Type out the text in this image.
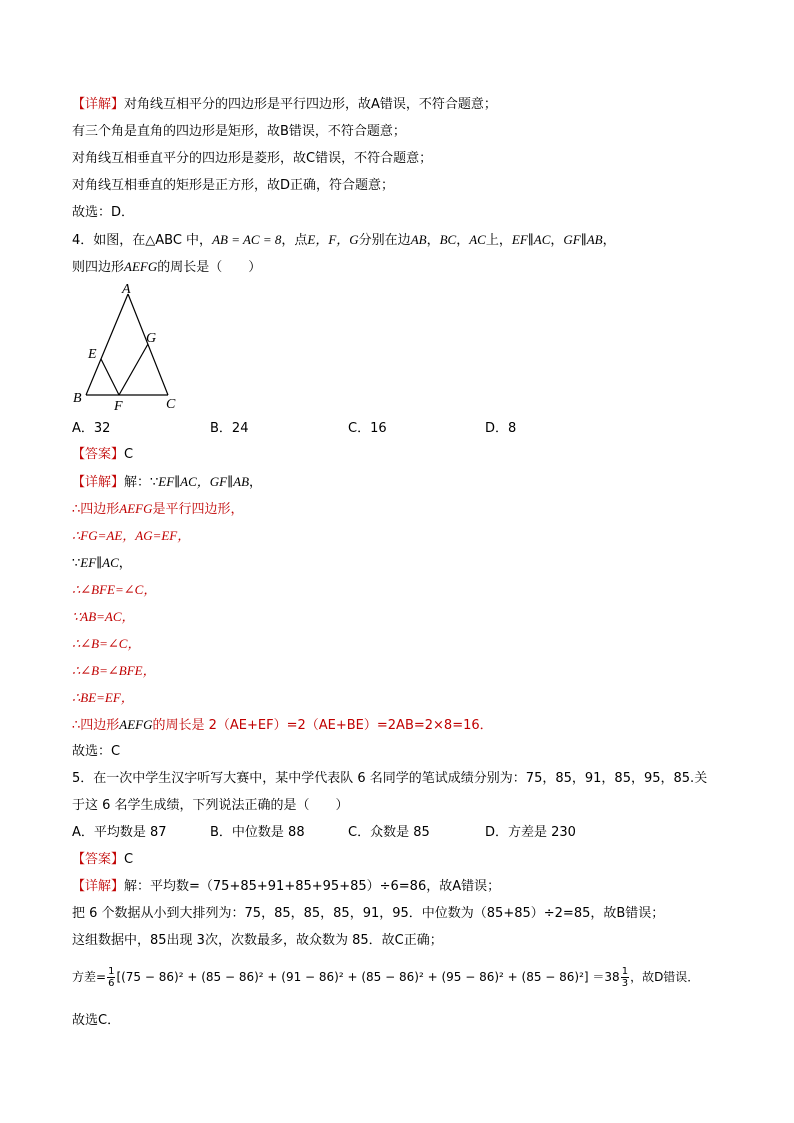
【详解】对角线互相平分的四边形是平行四边形，故A错误，不符合题意；
有三个角是直角的四边形是矩形，故B错误，不符合题意；
对角线互相垂直平分的四边形是菱形，故C错误，不符合题意；
对角线互相垂直的矩形是正方形，故D正确，符合题意；
故选：D．
4．如图，在△ABC 中，AB = AC = 8，点E，F，G分别在边AB，BC，AC上，EF∥AC，GF∥AB，
则四边形AEFG的周长是（　　）
A
B	C
E
F
G
A．32	B．24	C．16	D．8
【答案】C
【详解】解：∵EF∥AC，GF∥AB，
∴四边形AEFG是平行四边形，
∴FG=AE，AG=EF，
∵EF∥AC，
∴∠BFE=∠C，
∵AB=AC，
∴∠B=∠C，
∴∠B=∠BFE，
∴BE=EF，
∴四边形AEFG的周长是 2（AE+EF）=2（AE+BE）=2AB=2×8=16．
故选：C
5．在一次中学生汉字听写大赛中，某中学代表队 6 名同学的笔试成绩分别为：75，85，91，85，95，85.关
于这 6 名学生成绩，下列说法正确的是（　　）
A．平均数是 87	B．中位数是 88	C．众数是 85	D．方差是 230
【答案】C
【详解】解：平均数=（75+85+91+85+95+85）÷6=86，故A错误；
把 6 个数据从小到大排列为：75，85，85，85，91，95．中位数为（85+85）÷2=85，故B错误；
这组数据中，85出现 3次，次数最多，故众数为 85．故C正确；
方差= $\frac{1}{6} [(75 - 86)^2 + (85 - 86)^2 + (91 - 86)^2 + (85 - 86)^2 + (95 - 86)^2 + (85 - 86)^2] =38 \frac{1}{3}$ ，故D错误．
故选C．
